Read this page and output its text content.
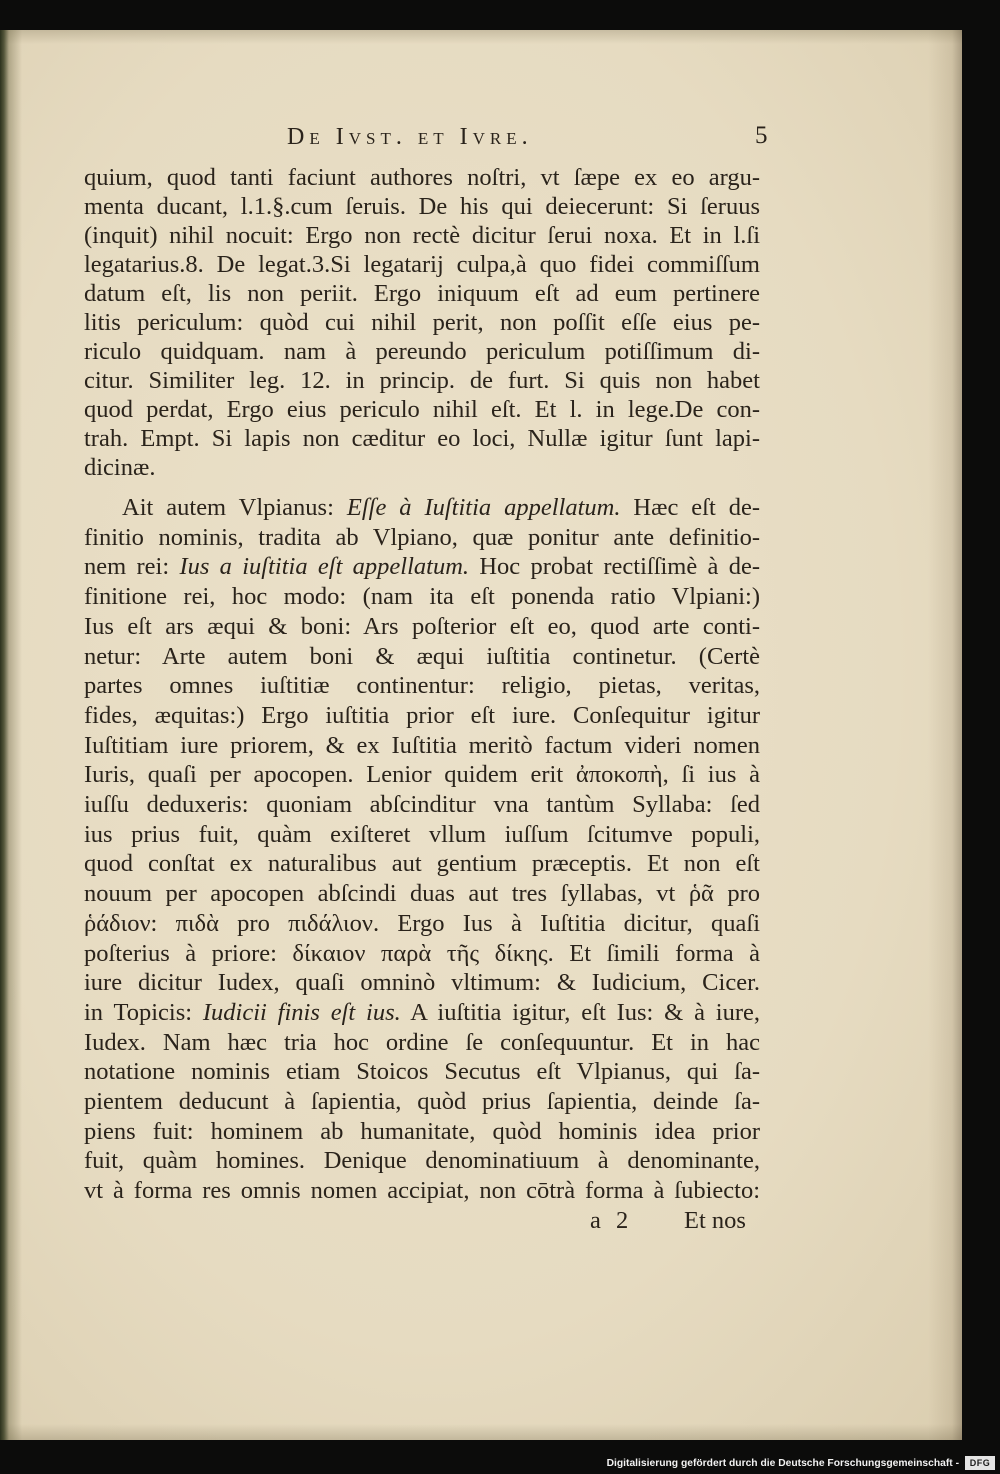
De Ivst. et Ivre.	5
quium, quod tanti faciunt authores noſtri, vt ſæpe ex eo argu-
menta ducant, l.1.§.cum ſeruis. De his qui deiecerunt: Si ſeruus
(inquit) nihil nocuit: Ergo non rectè dicitur ſerui noxa. Et in l.ſi
legatarius.8. De legat.3.Si legatarij culpa,à quo fidei commiſſum
datum eſt, lis non periit. Ergo iniquum eſt ad eum pertinere
litis periculum: quòd cui nihil perit, non poſſit eſſe eius pe-
riculo quidquam. nam à pereundo periculum potiſſimum di-
citur. Similiter leg. 12. in princip. de furt. Si quis non habet
quod perdat, Ergo eius periculo nihil eſt. Et l. in lege.De con-
trah. Empt. Si lapis non cæditur eo loci, Nullæ igitur ſunt lapi-
dicinæ.
Ait autem Vlpianus: Eſſe à Iuſtitia appellatum. Hæc eſt de-
finitio nominis, tradita ab Vlpiano, quæ ponitur ante definitio-
nem rei: Ius a iuſtitia eſt appellatum. Hoc probat rectiſſimè à de-
finitione rei, hoc modo: (nam ita eſt ponenda ratio Vlpiani:)
Ius eſt ars æqui & boni: Ars poſterior eſt eo, quod arte conti-
netur: Arte autem boni & æqui iuſtitia continetur. (Certè
partes omnes iuſtitiæ continentur: religio, pietas, veritas,
fides, æquitas:) Ergo iuſtitia prior eſt iure. Conſequitur igitur
Iuſtitiam iure priorem, & ex Iuſtitia meritò factum videri nomen
Iuris, quaſi per apocopen. Lenior quidem erit ἀποκοπὴ, ſi ius à
iuſſu deduxeris: quoniam abſcinditur vna tantùm Syllaba: ſed
ius prius fuit, quàm exiſteret vllum iuſſum ſcitumve populi,
quod conſtat ex naturalibus aut gentium præceptis. Et non eſt
nouum per apocopen abſcindi duas aut tres ſyllabas, vt ῥᾶ pro
ῥάδιον: πιδὰ pro πιδάλιον. Ergo Ius à Iuſtitia dicitur, quaſi
poſterius à priore: δίκαιον παρὰ τῆς δίκης. Et ſimili forma à
iure dicitur Iudex, quaſi omninò vltimum: & Iudicium, Cicer.
in Topicis: Iudicii finis eſt ius. A iuſtitia igitur, eſt Ius: & à iure,
Iudex. Nam hæc tria hoc ordine ſe conſequuntur. Et in hac
notatione nominis etiam Stoicos Secutus eſt Vlpianus, qui ſa-
pientem deducunt à ſapientia, quòd prius ſapientia, deinde ſa-
piens fuit: hominem ab humanitate, quòd hominis idea prior
fuit, quàm homines. Denique denominatiuum à denominante,
vt à forma res omnis nomen accipiat, non cōtrà forma à ſubiecto:
a 2 Et nos
Digitalisierung gefördert durch die Deutsche Forschungsgemeinschaft -	DFG
